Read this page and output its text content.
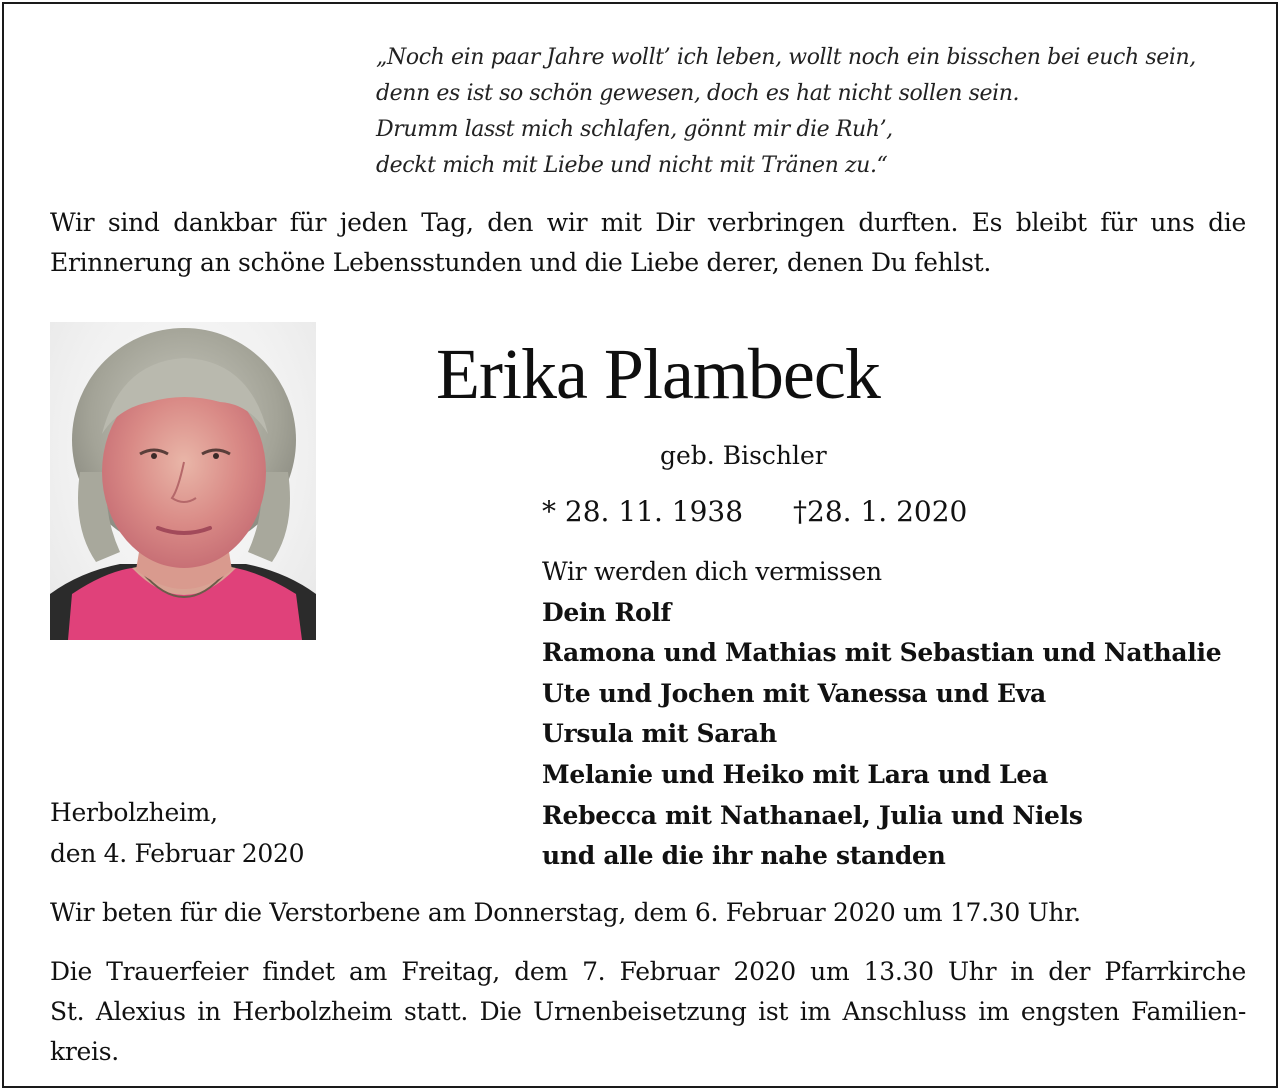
„Noch ein paar Jahre wollt’ ich leben, wollt noch ein bisschen bei euch sein,
denn es ist so schön gewesen, doch es hat nicht sollen sein.
Drumm lasst mich schlafen, gönnt mir die Ruh’,
deckt mich mit Liebe und nicht mit Tränen zu.“
Wir sind dankbar für jeden Tag, den wir mit Dir verbringen durften. Es bleibt für uns die
Erinnerung an schöne Lebensstunden und die Liebe derer, denen Du fehlst.
Erika Plambeck
geb. Bischler
* 28. 11. 1938 †28. 1. 2020
Wir werden dich vermissen
Dein Rolf
Ramona und Mathias mit Sebastian und Nathalie
Ute und Jochen mit Vanessa und Eva
Ursula mit Sarah
Melanie und Heiko mit Lara und Lea
Rebecca mit Nathanael, Julia und Niels
und alle die ihr nahe standen
Herbolzheim,
den 4. Februar 2020
Wir beten für die Verstorbene am Donnerstag, dem 6. Februar 2020 um 17.30 Uhr.
Die Trauerfeier findet am Freitag, dem 7. Februar 2020 um 13.30 Uhr in der Pfarrkirche
St. Alexius in Herbolzheim statt. Die Urnenbeisetzung ist im Anschluss im engsten Familien-
kreis.
